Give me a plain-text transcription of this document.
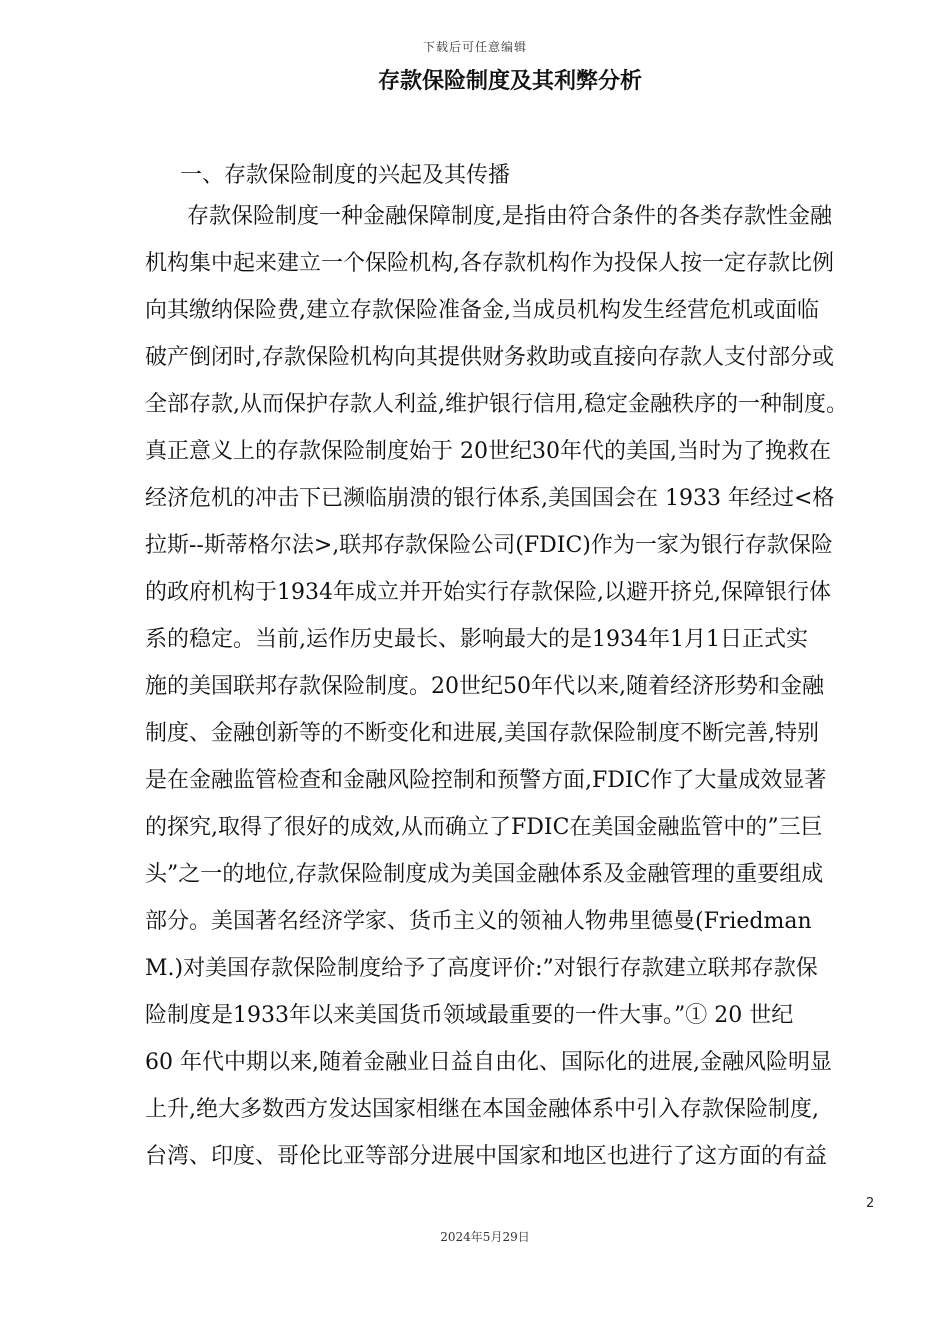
下载后可任意编辑
存款保险制度及其利弊分析
一、存款保险制度的兴起及其传播
存款保险制度一种金融保障制度,是指由符合条件的各类存款性金融
机构集中起来建立一个保险机构,各存款机构作为投保人按一定存款比例
向其缴纳保险费,建立存款保险准备金,当成员机构发生经营危机或面临
破产倒闭时,存款保险机构向其提供财务救助或直接向存款人支付部分或
全部存款,从而保护存款人利益,维护银行信用,稳定金融秩序的一种制度。
真正意义上的存款保险制度始于 20世纪30年代的美国,当时为了挽救在
经济危机的冲击下已濒临崩溃的银行体系,美国国会在 1933 年经过<格
拉斯--斯蒂格尔法>,联邦存款保险公司(FDIC)作为一家为银行存款保险
的政府机构于1934年成立并开始实行存款保险,以避开挤兑,保障银行体
系的稳定。当前,运作历史最长、影响最大的是1934年1月1日正式实
施的美国联邦存款保险制度。20世纪50年代以来,随着经济形势和金融
制度、金融创新等的不断变化和进展,美国存款保险制度不断完善,特别
是在金融监管检查和金融风险控制和预警方面,FDIC作了大量成效显著
的探究,取得了很好的成效,从而确立了FDIC在美国金融监管中的”三巨
头”之一的地位,存款保险制度成为美国金融体系及金融管理的重要组成
部分。美国著名经济学家、货币主义的领袖人物弗里德曼(Friedman
M.)对美国存款保险制度给予了高度评价:”对银行存款建立联邦存款保
险制度是1933年以来美国货币领域最重要的一件大事。”① 20 世纪
60 年代中期以来,随着金融业日益自由化、国际化的进展,金融风险明显
上升,绝大多数西方发达国家相继在本国金融体系中引入存款保险制度,
台湾、印度、哥伦比亚等部分进展中国家和地区也进行了这方面的有益
2
2024年5月29日
